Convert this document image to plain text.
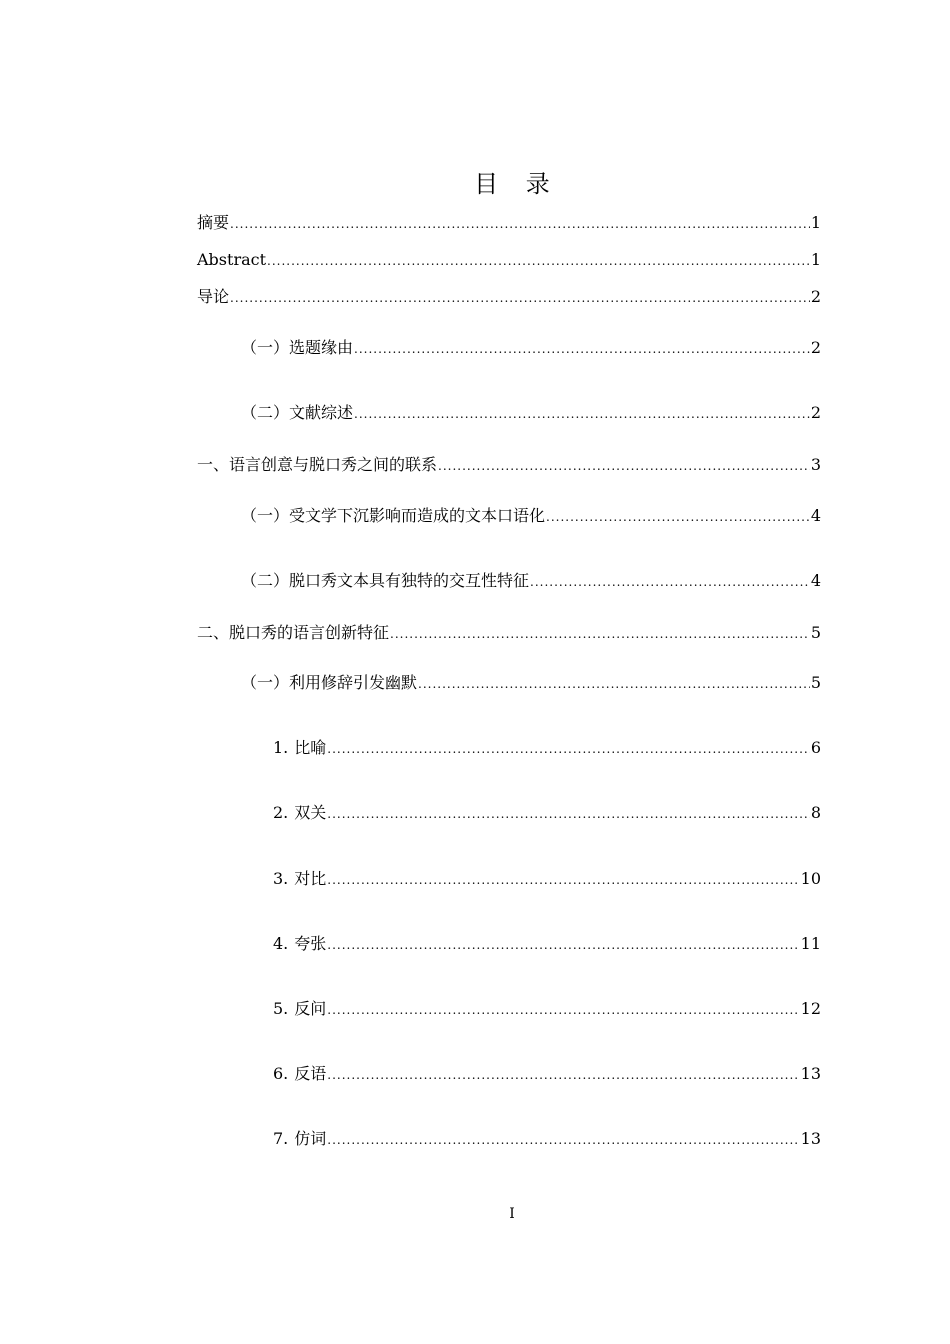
目 录
摘要 .....	1
Abstract .....	1
导论 .....	2
（一）选题缘由 .....	2
（二）文献综述 .....	2
一、语言创意与脱口秀之间的联系 .....	3
（一）受文学下沉影响而造成的文本口语化 .....	4
（二）脱口秀文本具有独特的交互性特征 .....	4
二、脱口秀的语言创新特征 .....	5
（一）利用修辞引发幽默 .....	5
1. 比喻 .....	6
2. 双关 .....	8
3. 对比 .....	10
4. 夸张 .....	11
5. 反问 .....	12
6. 反语 .....	13
7. 仿词 .....	13
I
